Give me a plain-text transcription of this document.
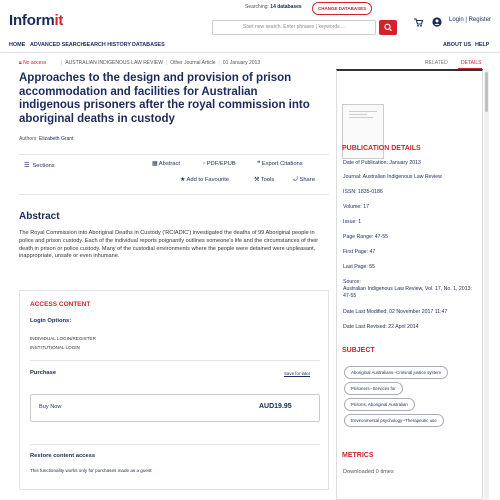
Informit
Searching: 14 databases	CHANGE DATABASES
Start new search. Enter phrases | keywords ...
Login | Register
HOME ADVANCED SEARCH
SEARCH HISTORY DATABASES	ABOUT US HELP
🔒︎ No access	| AUSTRALIAN INDIGENOUS LAW REVIEW | Other Journal Article | 01 January 2013
Approaches to the design and provision of prison accommodation and facilities for Australian indigenous prisoners after the royal commission into aboriginal deaths in custody
Authors: Elizabeth Grant
☰ Sections	▦ Abstract	▫ PDF/EPUB	❝ Export Citations
★ Add to Favourite	⚒ Tools	⤾ Share
Abstract
The Royal Commission into Aboriginal Deaths in Custody ('RCIADIC') investigated the deaths of 99 Aboriginal people in police and prison custody. Each of the individual reports poignantly outlines someone's life and the circumstances of their death in prison or police custody. Many of the custodial environments where the people were detained were unpleasant, inappropriate, unsafe or even inhumane.
ACCESS CONTENT
Login Options:
INDIVIDUAL LOGIN/REGISTER
INSTITUTIONAL LOGIN
Purchase	Save for later
Buy Now	AUD19.95
Restore content access
This functionality works only for purchases made as a guest
RELATED	DETAILS
PUBLICATION DETAILS
Date of Publication: January 2013
Journal: Australian Indigenous Law Review
ISSN: 1835-0186
Volume: 17
Issue: 1
Page Range: 47-55
First Page: 47
Last Page: 55
Source:
Australian Indigenous Law Review, Vol. 17, No. 1, 2013: 47-55
Date Last Modified: 02 November 2017 11:47
Date Last Revised: 22 April 2014
SUBJECT
Aboriginal Australians--Criminal justice system
Prisoners--Services for
Prisons, Aboriginal Australian
Environmental psychology--Therapeutic use
METRICS
Downloaded 0 times
